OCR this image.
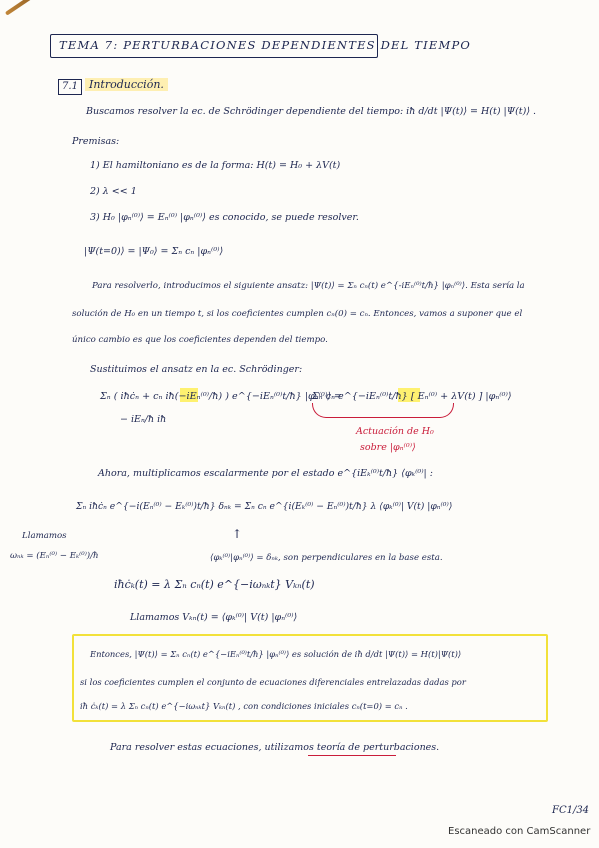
TEMA 7: PERTURBACIONES DEPENDIENTES DEL TIEMPO
7.1	Introducción.
Buscamos resolver la ec. de Schrödinger dependiente del tiempo: iħ d/dt |Ψ(t)⟩ = H(t) |Ψ(t)⟩ .
Premisas:
1) El hamiltoniano es de la forma: H(t) = H₀ + λV(t)
2) λ << 1
3) H₀ |φₙ⁽⁰⁾⟩ = Eₙ⁽⁰⁾ |φₙ⁽⁰⁾⟩ es conocido, se puede resolver.
|Ψ(t=0)⟩ = |Ψ₀⟩ = Σₙ cₙ |φₙ⁽⁰⁾⟩
Para resolverlo, introducimos el siguiente ansatz: |Ψ(t)⟩ = Σₙ cₙ(t) e^{-iEₙ⁽⁰⁾t/ħ} |φₙ⁽⁰⁾⟩. Esta sería la
solución de H₀ en un tiempo t, si los coeficientes cumplen cₙ(0) = cₙ. Entonces, vamos a suponer que el
único cambio es que los coeficientes dependen del tiempo.
Sustituimos el ansatz en la ec. Schrödinger:
Σₙ ( iħċₙ + cₙ iħ(−iEₙ⁽⁰⁾/ħ) ) e^{−iEₙ⁽⁰⁾t/ħ} |φₙ⁽⁰⁾⟩ =
Σₙ cₙ e^{−iEₙ⁽⁰⁾t/ħ} [ Eₙ⁽⁰⁾ + λV(t) ] |φₙ⁽⁰⁾⟩
− iEₙ/ħ iħ
Actuación de H₀
sobre |φₙ⁽⁰⁾⟩
Ahora, multiplicamos escalarmente por el estado e^{iEₖ⁽⁰⁾t/ħ} ⟨φₖ⁽⁰⁾| :
Σₙ iħċₙ e^{−i(Eₙ⁽⁰⁾ − Eₖ⁽⁰⁾)t/ħ} δₙₖ = Σₙ cₙ e^{i(Eₖ⁽⁰⁾ − Eₙ⁽⁰⁾)t/ħ} λ ⟨φₖ⁽⁰⁾| V(t) |φₙ⁽⁰⁾⟩
Llamamos
ωₙₖ = (Eₙ⁽⁰⁾ − Eₖ⁽⁰⁾)/ħ
↑
⟨φₖ⁽⁰⁾|φₙ⁽⁰⁾⟩ = δₙₖ, son perpendiculares en la base esta.
iħċₖ(t) = λ Σₙ cₙ(t) e^{−iωₙₖt} Vₖₙ(t)
Llamamos Vₖₙ(t) = ⟨φₖ⁽⁰⁾| V(t) |φₙ⁽⁰⁾⟩
Entonces, |Ψ(t)⟩ = Σₙ cₙ(t) e^{−iEₙ⁽⁰⁾t/ħ} |φₙ⁽⁰⁾⟩ es solución de iħ d/dt |Ψ(t)⟩ = H(t)|Ψ(t)⟩
si los coeficientes cumplen el conjunto de ecuaciones diferenciales entrelazadas dadas por
iħ ċₖ(t) = λ Σₙ cₙ(t) e^{−iωₙₖt} Vₖₙ(t) , con condiciones iniciales cₙ(t=0) = cₙ .
Para resolver estas ecuaciones, utilizamos teoría de perturbaciones.
FC1/34
Escaneado con CamScanner
